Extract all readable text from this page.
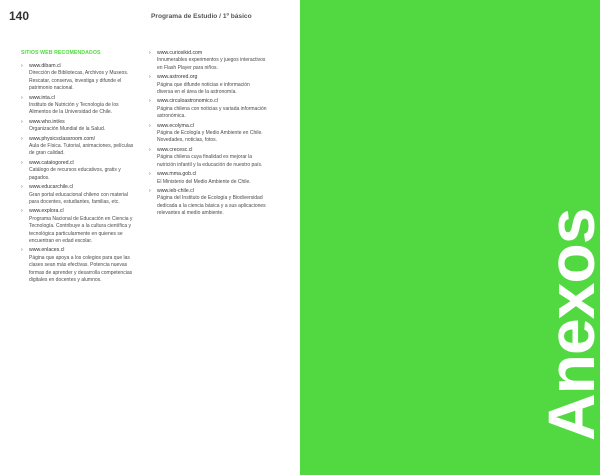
140	Programa de Estudio / 1º básico
SITIOS WEB RECOMENDADOS
›	www.dibam.cl
Dirección de Bibliotecas, Archivos y Museos. Rescatar, conserva, investiga y difunde el patrimonio nacional.
›	www.inta.cl
Instituto de Nutrición y Tecnología de los Alimentos de la Universidad de Chile.
›	www.who.int/es
Organización Mundial de la Salud.
›	www.physicsclassroom.com/
Aula de Física. Tutorial, animaciones, películas de gran calidad.
›	www.catalogored.cl
Catálogo de recursos educativos, gratis y pagados.
›	www.educarchile.cl
Gran portal educacional chileno con material para docentes, estudiantes, familias, etc.
›	www.explora.cl
Programa Nacional de Educación en Ciencia y Tecnología. Contribuye a la cultura científica y tecnológica particularmente en quienes se encuentran en edad escolar.
›	www.enlaces.cl
Página que apoya a los colegios para que las clases sean más efectivas. Potencia nuevas formas de aprender y desarrolla competencias digitales en docentes y alumnos.
›	www.curiosikid.com
Innumerables experimentos y juegos interactivos en Flash Player para niños.
›	www.astrored.org
Página que difunde noticias e información diversa en el área de la astronomía.
›	www.circuloastronomico.cl
Página chilena con noticias y variada información astronómica.
›	www.ecolyma.cl
Página de Ecología y Medio Ambiente en Chile. Novedades, noticias, fotos.
›	www.crecesc.cl
Página chilena cuya finalidad es mejorar la nutrición infantil y la educación de nuestro país.
›	www.mma.gob.cl
El Ministerio del Medio Ambiente de Chile.
›	www.ieb-chile.cl
Página del Instituto de Ecología y Biodiversidad dedicada a la ciencia básica y a sus aplicaciones relevantes al medio ambiente.	Anexos
